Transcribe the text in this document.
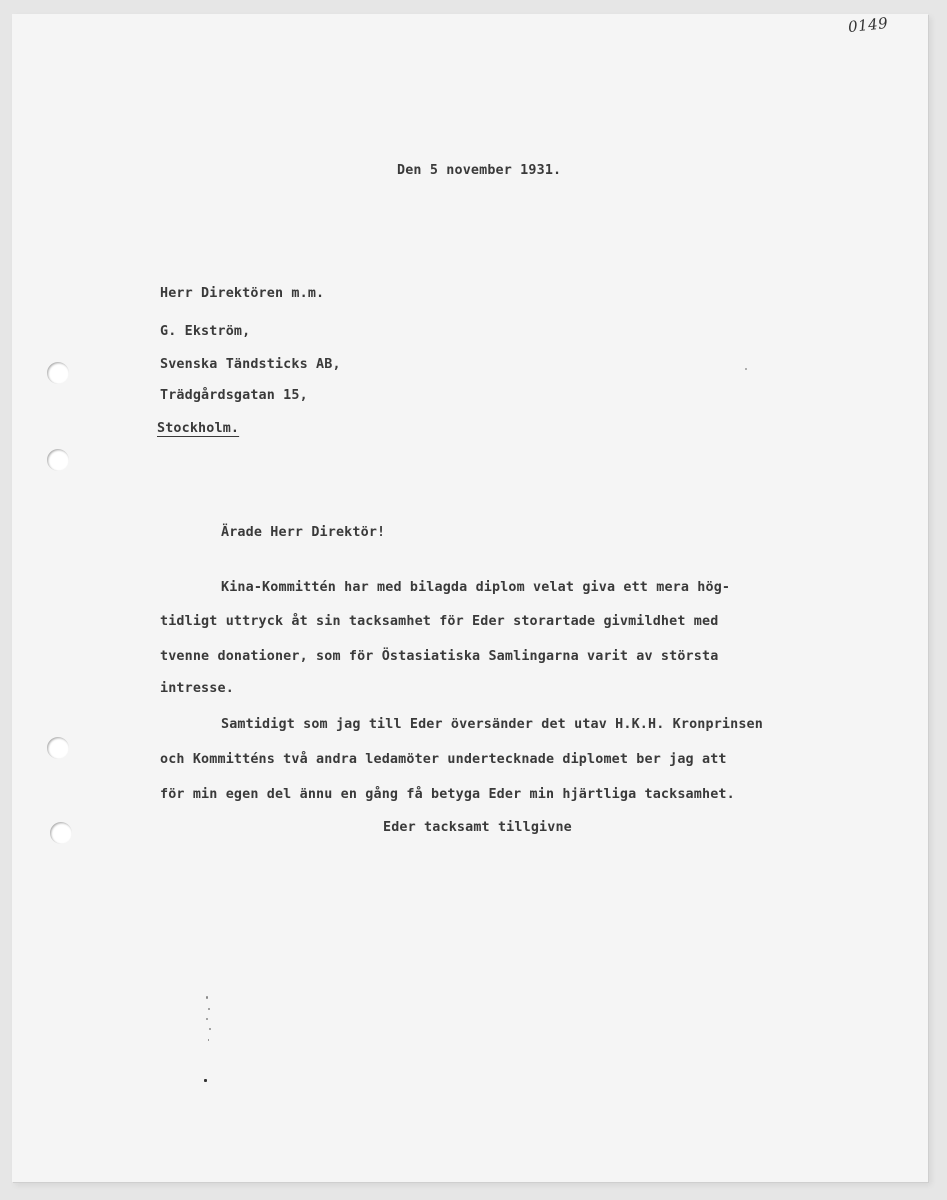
0149
Den 5 november 1931.
Herr Direktören m.m.
G. Ekström,
Svenska Tändsticks AB,
Trädgårdsgatan 15,
Stockholm.
Ärade Herr Direktör!
Kina-Kommittén har med bilagda diplom velat giva ett mera hög-
tidligt uttryck åt sin tacksamhet för Eder storartade givmildhet med
tvenne donationer, som för Östasiatiska Samlingarna varit av största
intresse.
Samtidigt som jag till Eder översänder det utav H.K.H. Kronprinsen
och Kommitténs två andra ledamöter undertecknade diplomet ber jag att
för min egen del ännu en gång få betyga Eder min hjärtliga tacksamhet.
Eder tacksamt tillgivne
